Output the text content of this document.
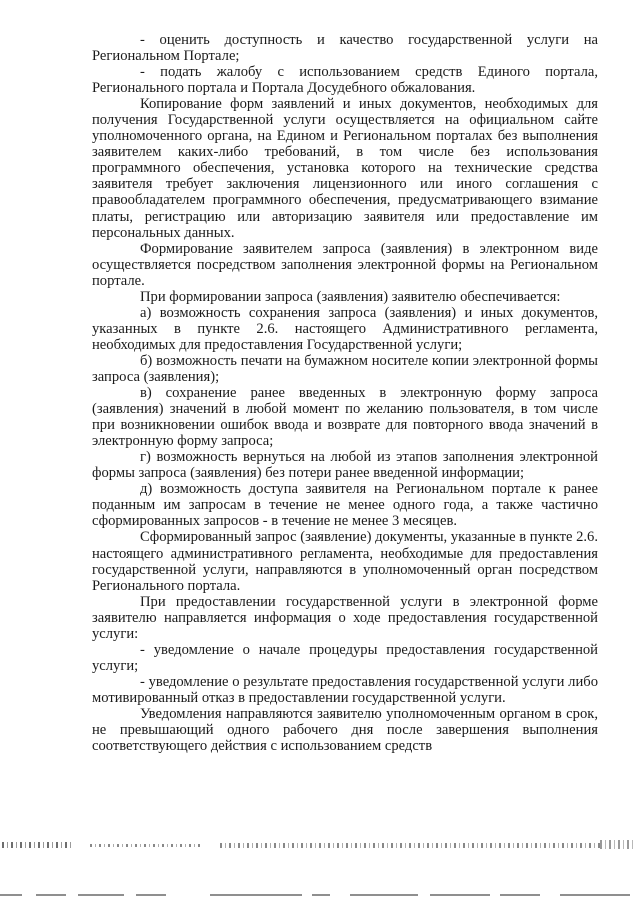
- оценить доступность и качество государственной услуги на Региональном Портале;

- подать жалобу с использованием средств Единого портала, Регионального портала и Портала Досудебного обжалования.

Копирование форм заявлений и иных документов, необходимых для получения Государственной услуги осуществляется на официальном сайте уполномоченного органа, на Едином и Региональном порталах без выполнения заявителем каких-либо требований, в том числе без использования программного обеспечения, установка которого на технические средства заявителя требует заключения лицензионного или иного соглашения с правообладателем программного обеспечения, предусматривающего взимание платы, регистрацию или авторизацию заявителя или предоставление им персональных данных.

Формирование заявителем запроса (заявления) в электронном виде осуществляется посредством заполнения электронной формы на Региональном портале.

При формировании запроса (заявления) заявителю обеспечивается:

а) возможность сохранения запроса (заявления) и иных документов, указанных в пункте 2.6. настоящего Административного регламента, необходимых для предоставления Государственной услуги;

б) возможность печати на бумажном носителе копии электронной формы запроса (заявления);

в) сохранение ранее введенных в электронную форму запроса (заявления) значений в любой момент по желанию пользователя, в том числе при возникновении ошибок ввода и возврате для повторного ввода значений в электронную форму запроса;

г) возможность вернуться на любой из этапов заполнения электронной формы запроса (заявления) без потери ранее введенной информации;

д) возможность доступа заявителя на Региональном портале к ранее поданным им запросам в течение не менее одного года, а также частично сформированных запросов - в течение не менее 3 месяцев.

Сформированный запрос (заявление) документы, указанные в пункте 2.6. настоящего административного регламента, необходимые для предоставления государственной услуги, направляются в уполномоченный орган посредством Регионального портала.

При предоставлении государственной услуги в электронной форме заявителю направляется информация о ходе предоставления государственной услуги:

- уведомление о начале процедуры предоставления государственной услуги;

- уведомление о результате предоставления государственной услуги либо мотивированный отказ в предоставлении государственной услуги.

Уведомления направляются заявителю уполномоченным органом в срок, не превышающий одного рабочего дня после завершения выполнения соответствующего действия с использованием средств
